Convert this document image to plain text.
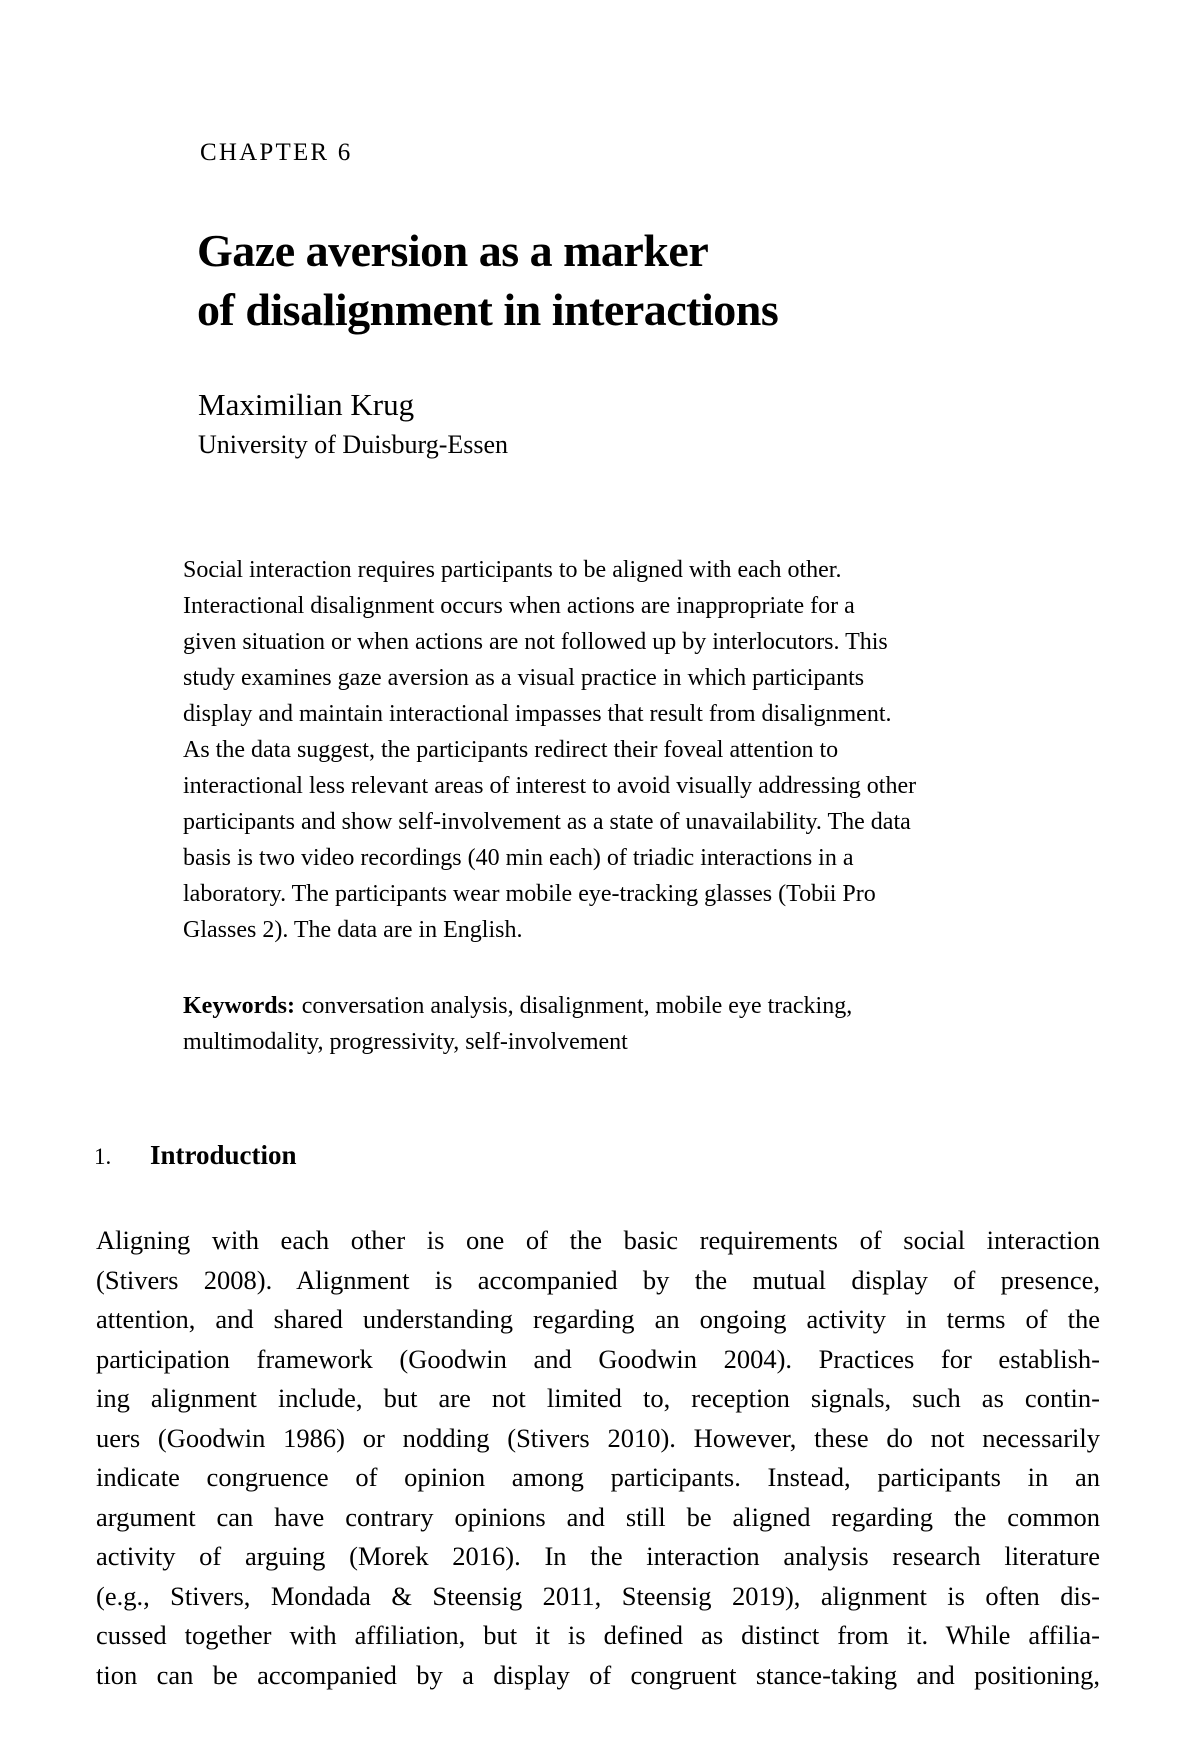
CHAPTER 6
Gaze aversion as a marker
of disalignment in interactions
Maximilian Krug
University of Duisburg-Essen
Social interaction requires participants to be aligned with each other.
Interactional disalignment occurs when actions are inappropriate for a
given situation or when actions are not followed up by interlocutors. This
study examines gaze aversion as a visual practice in which participants
display and maintain interactional impasses that result from disalignment.
As the data suggest, the participants redirect their foveal attention to
interactional less relevant areas of interest to avoid visually addressing other
participants and show self-involvement as a state of unavailability. The data
basis is two video recordings (40 min each) of triadic interactions in a
laboratory. The participants wear mobile eye-tracking glasses (Tobii Pro
Glasses 2). The data are in English.
Keywords: conversation analysis, disalignment, mobile eye tracking,
multimodality, progressivity, self-involvement
1. Introduction
Aligning with each other is one of the basic requirements of social interaction
(Stivers 2008). Alignment is accompanied by the mutual display of presence,
attention, and shared understanding regarding an ongoing activity in terms of the
participation framework (Goodwin and Goodwin 2004). Practices for establish-
ing alignment include, but are not limited to, reception signals, such as contin-
uers (Goodwin 1986) or nodding (Stivers 2010). However, these do not necessarily
indicate congruence of opinion among participants. Instead, participants in an
argument can have contrary opinions and still be aligned regarding the common
activity of arguing (Morek 2016). In the interaction analysis research literature
(e.g., Stivers, Mondada & Steensig 2011, Steensig 2019), alignment is often dis-
cussed together with affiliation, but it is defined as distinct from it. While affilia-
tion can be accompanied by a display of congruent stance-taking and positioning,
